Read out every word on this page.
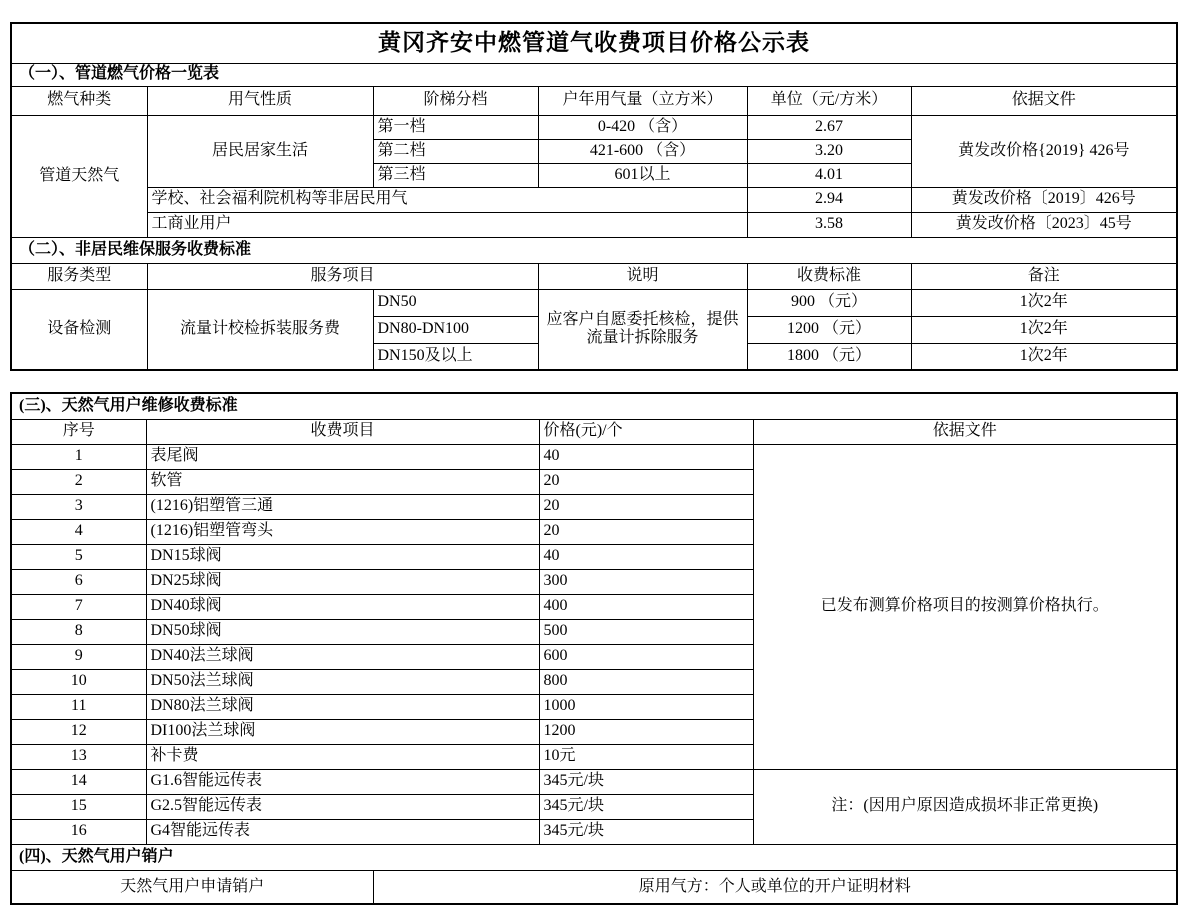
黄冈齐安中燃管道气收费项目价格公示表					
（一）、管道燃气价格一览表					
燃气种类	用气性质	阶梯分档	户年用气量（立方米）	单位（元/方米）	依据文件
管道天然气	居民居家生活	第一档	0-420 （含）	2.67	黄发改价格{2019} 426号
		第二档	421-600 （含）	3.20	
		第三档	601以上	4.01	
	学校、社会福利院机构等非居民用气			2.94	黄发改价格〔2019〕426号
	工商业用户			3.58	黄发改价格〔2023〕45号
（二）、非居民维保服务收费标准					
服务类型	服务项目		说明	收费标准	备注
设备检测	流量计校检拆装服务费	DN50	应客户自愿委托核检，提供流量计拆除服务	900 （元）	1次2年
		DN80-DN100		1200 （元）	1次2年
		DN150及以上		1800 （元）	1次2年
(三)、天然气用户维修收费标准				
序号	收费项目		价格(元)/个	依据文件
1	表尾阀		40	已发布测算价格项目的按测算价格执行。
2	软管		20	
3	(1216)铝塑管三通		20	
4	(1216)铝塑管弯头		20	
5	DN15球阀		40	
6	DN25球阀		300	
7	DN40球阀		400	
8	DN50球阀		500	
9	DN40法兰球阀		600	
10	DN50法兰球阀		800	
11	DN80法兰球阀		1000	
12	DI100法兰球阀		1200	
13	补卡费		10元	
14	G1.6智能远传表		345元/块	注：(因用户原因造成损坏非正常更换)
15	G2.5智能远传表		345元/块	
16	G4智能远传表		345元/块	
(四)、天然气用户销户				
天然气用户申请销户		原用气方：个人或单位的开户证明材料		
